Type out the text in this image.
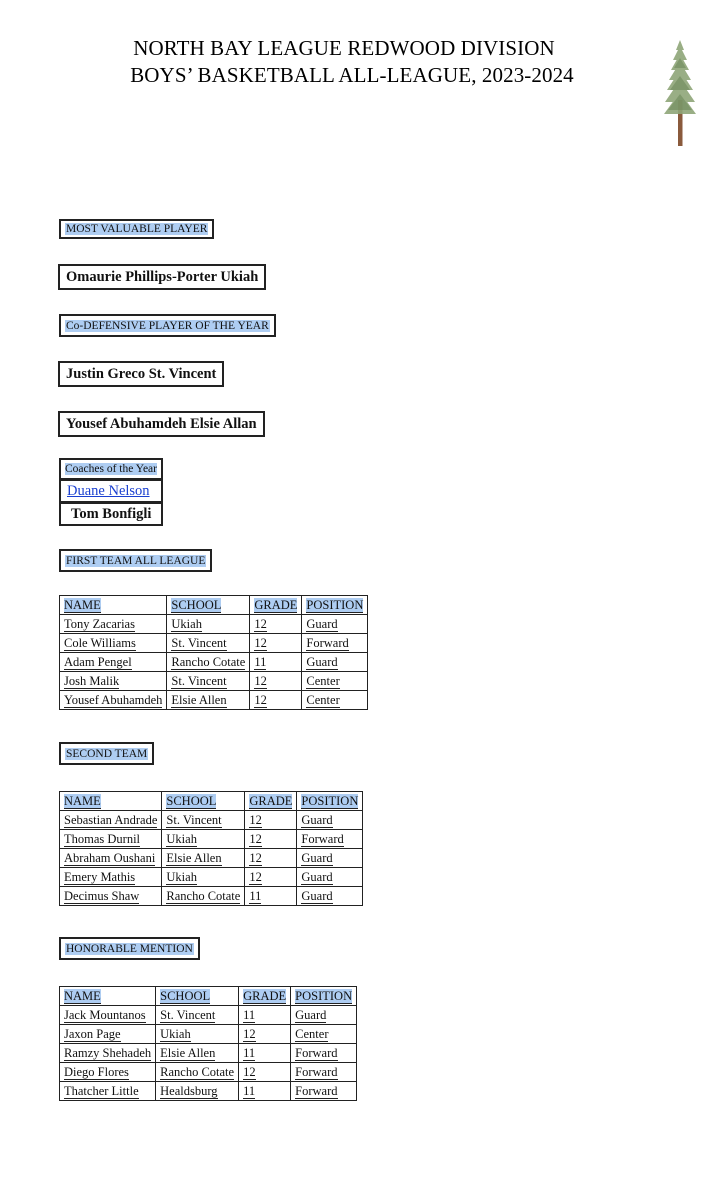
NORTH BAY LEAGUE REDWOOD DIVISION
BOYS’ BASKETBALL ALL-LEAGUE, 2023-2024
MOST VALUABLE PLAYER
Omaurie Phillips-Porter Ukiah
Co-DEFENSIVE PLAYER OF THE YEAR
Justin Greco St. Vincent
Yousef Abuhamdeh Elsie Allan
Coaches of the Year
Duane Nelson
Tom Bonfigli
FIRST TEAM ALL LEAGUE
NAME	SCHOOL	GRADE	POSITION
Tony Zacarias	Ukiah	12	Guard
Cole Williams	St. Vincent	12	Forward
Adam Pengel	Rancho Cotate	11	Guard
Josh Malik	St. Vincent	12	Center
Yousef Abuhamdeh	Elsie Allen	12	Center
SECOND TEAM
NAME	SCHOOL	GRADE	POSITION
Sebastian Andrade	St. Vincent	12	Guard
Thomas Durnil	Ukiah	12	Forward
Abraham Oushani	Elsie Allen	12	Guard
Emery Mathis	Ukiah	12	Guard
Decimus Shaw	Rancho Cotate	11	Guard
HONORABLE MENTION
NAME	SCHOOL	GRADE	POSITION
Jack Mountanos	St. Vincent	11	Guard
Jaxon Page	Ukiah	12	Center
Ramzy Shehadeh	Elsie Allen	11	Forward
Diego Flores	Rancho Cotate	12	Forward
Thatcher Little	Healdsburg	11	Forward
